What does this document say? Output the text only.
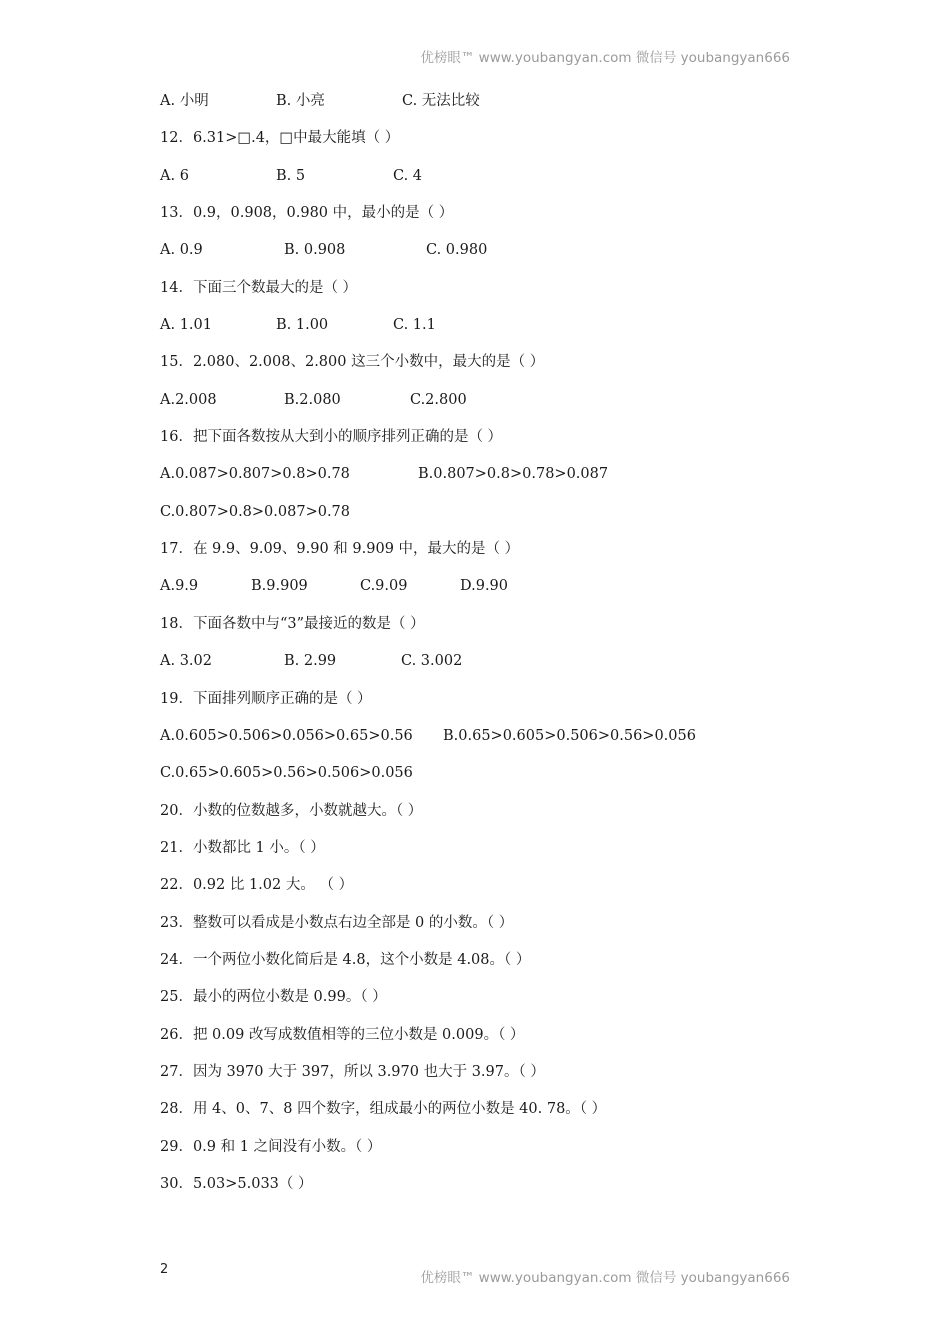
优榜眼™ www.youbangyan.com 微信号 youbangyan666
A. 小明	B. 小亮	C. 无法比较
12．6.31>□.4，□中最大能填（ ）
A. 6	B. 5	C. 4
13．0.9，0.908，0.980 中，最小的是（ ）
A. 0.9	B. 0.908	C. 0.980
14．下面三个数最大的是（ ）
A. 1.01	B. 1.00	C. 1.1
15．2.080、2.008、2.800 这三个小数中，最大的是（ ）
A.2.008	B.2.080	C.2.800
16．把下面各数按从大到小的顺序排列正确的是（ ）
A.0.087>0.807>0.8>0.78	B.0.807>0.8>0.78>0.087
C.0.807>0.8>0.087>0.78
17．在 9.9、9.09、9.90 和 9.909 中，最大的是（ ）
A.9.9	B.9.909	C.9.09	D.9.90
18．下面各数中与“3”最接近的数是（ ）
A. 3.02	B. 2.99	C. 3.002
19．下面排列顺序正确的是（ ）
A.0.605>0.506>0.056>0.65>0.56 B.0.65>0.605>0.506>0.56>0.056
C.0.65>0.605>0.56>0.506>0.056
20．小数的位数越多，小数就越大。（ ）
21．小数都比 1 小。（ ）
22．0.92 比 1.02 大。 （ ）
23．整数可以看成是小数点右边全部是 0 的小数。（ ）
24．一个两位小数化简后是 4.8，这个小数是 4.08。（ ）
25．最小的两位小数是 0.99。（ ）
26．把 0.09 改写成数值相等的三位小数是 0.009。（ ）
27．因为 3970 大于 397，所以 3.970 也大于 3.97。（ ）
28．用 4、0、7、8 四个数字，组成最小的两位小数是 40. 78。（ ）
29．0.9 和 1 之间没有小数。（ ）
30．5.03>5.033（ ）
2
优榜眼™ www.youbangyan.com 微信号 youbangyan666
